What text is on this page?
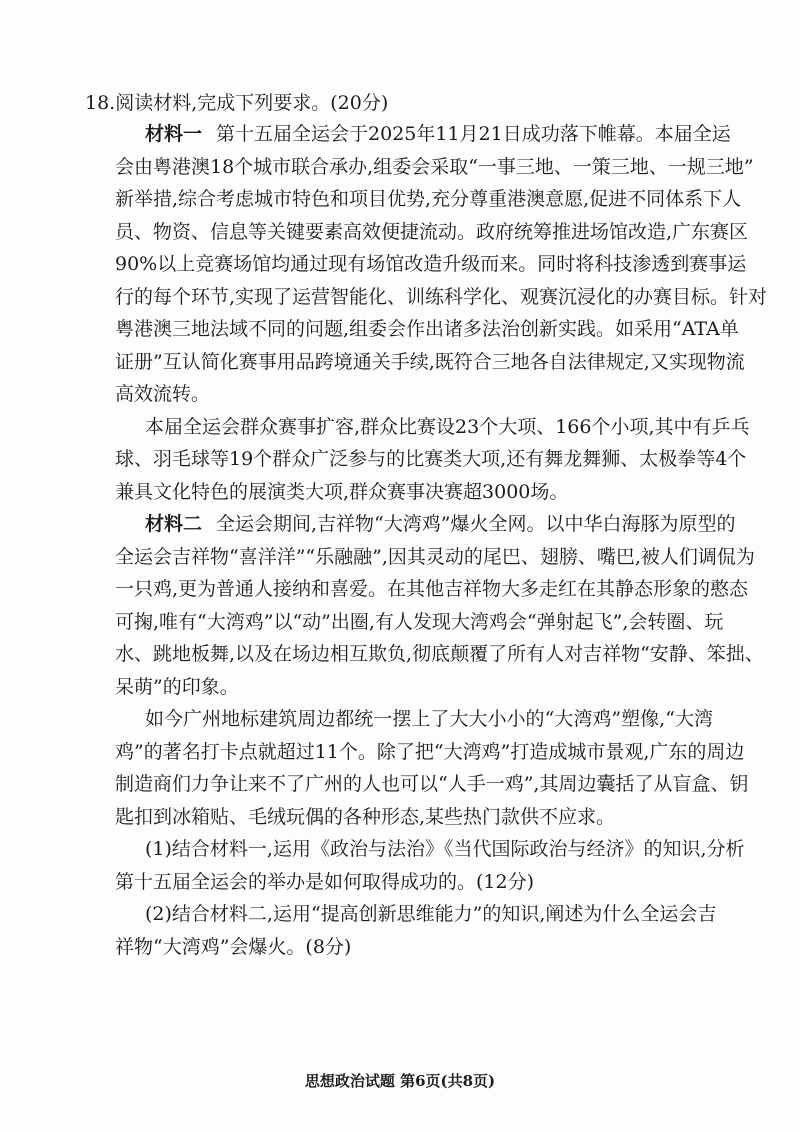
18.阅读材料,完成下列要求。(20分)
材料一 第十五届全运会于2025年11月21日成功落下帷幕。本届全运
会由粤港澳18个城市联合承办,组委会采取“一事三地、一策三地、一规三地”
新举措,综合考虑城市特色和项目优势,充分尊重港澳意愿,促进不同体系下人
员、物资、信息等关键要素高效便捷流动。政府统筹推进场馆改造,广东赛区
90%以上竞赛场馆均通过现有场馆改造升级而来。同时将科技渗透到赛事运
行的每个环节,实现了运营智能化、训练科学化、观赛沉浸化的办赛目标。针对
粤港澳三地法域不同的问题,组委会作出诸多法治创新实践。如采用“ATA单
证册”互认简化赛事用品跨境通关手续,既符合三地各自法律规定,又实现物流
高效流转。
本届全运会群众赛事扩容,群众比赛设23个大项、166个小项,其中有乒乓
球、羽毛球等19个群众广泛参与的比赛类大项,还有舞龙舞狮、太极拳等4个
兼具文化特色的展演类大项,群众赛事决赛超3000场。
材料二 全运会期间,吉祥物“大湾鸡”爆火全网。以中华白海豚为原型的
全运会吉祥物“喜洋洋”“乐融融”,因其灵动的尾巴、翅膀、嘴巴,被人们调侃为
一只鸡,更为普通人接纳和喜爱。在其他吉祥物大多走红在其静态形象的憨态
可掬,唯有“大湾鸡”以“动”出圈,有人发现大湾鸡会“弹射起飞”,会转圈、玩
水、跳地板舞,以及在场边相互欺负,彻底颠覆了所有人对吉祥物“安静、笨拙、
呆萌”的印象。
如今广州地标建筑周边都统一摆上了大大小小的“大湾鸡”塑像,“大湾
鸡”的著名打卡点就超过11个。除了把“大湾鸡”打造成城市景观,广东的周边
制造商们力争让来不了广州的人也可以“人手一鸡”,其周边囊括了从盲盒、钥
匙扣到冰箱贴、毛绒玩偶的各种形态,某些热门款供不应求。
(1)结合材料一,运用《政治与法治》《当代国际政治与经济》的知识,分析
第十五届全运会的举办是如何取得成功的。(12分)
(2)结合材料二,运用“提高创新思维能力”的知识,阐述为什么全运会吉
祥物“大湾鸡”会爆火。(8分)
思想政治试题 第6页(共8页)
